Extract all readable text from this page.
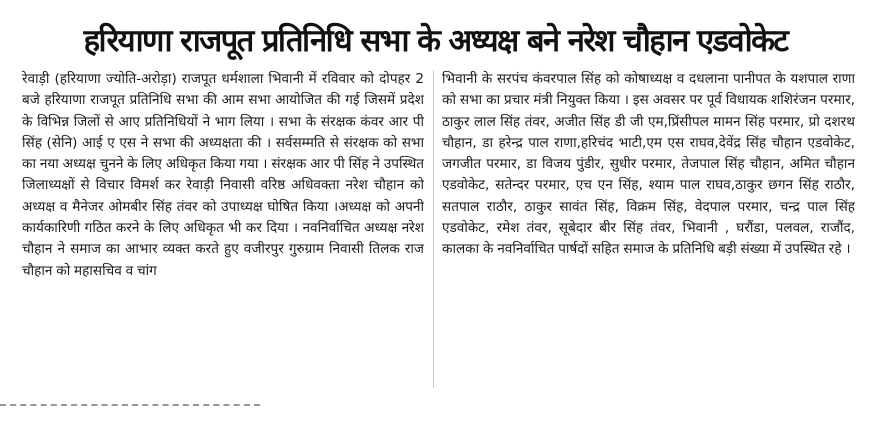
हरियाणा राजपूत प्रतिनिधि सभा के अध्यक्ष बने नरेश चौहान एडवोकेट

रेवाड़ी (हरियाणा ज्योति-अरोड़ा) राजपूत धर्मशाला भिवानी में रविवार को दोपहर 2 बजे हरियाणा राजपूत प्रतिनिधि सभा की आम सभा आयोजित की गई जिसमें प्रदेश के विभिन्न जिलों से आए प्रतिनिधियों ने भाग लिया । सभा के संरक्षक कंवर आर पी सिंह (सेनि) आई ए एस ने सभा की अध्यक्षता की । सर्वसम्मति से संरक्षक को सभा का नया अध्यक्ष चुनने के लिए अधिकृत किया गया । संरक्षक आर पी सिंह ने उपस्थित जिलाध्यक्षों से विचार विमर्श कर रेवाड़ी निवासी वरिष्ठ अधिवक्ता नरेश चौहान को अध्यक्ष व मैनेजर ओमबीर सिंह तंवर को उपाध्यक्ष घोषित किया ।अध्यक्ष को अपनी कार्यकारिणी गठित करने के लिए अधिकृत भी कर दिया । नवनिर्वाचित अध्यक्ष नरेश चौहान ने समाज का आभार व्यक्त करते हुए वजीरपुर गुरुग्राम निवासी तिलक राज चौहान को महासचिव व चांग

भिवानी के सरपंच कंवरपाल सिंह को कोषाध्यक्ष व दधलाना पानीपत के यशपाल राणा को सभा का प्रचार मंत्री नियुक्त किया । इस अवसर पर पूर्व विधायक शशिरंजन परमार, ठाकुर लाल सिंह तंवर, अजीत सिंह डी जी एम,प्रिंसीपल मामन सिंह परमार, प्रो दशरथ चौहान, डा हरेन्द्र पाल राणा,हरिचंद भाटी,एम एस राघव,देवेंद्र सिंह चौहान एडवोकेट, जगजीत परमार, डा विजय पुंडीर, सुधीर परमार, तेजपाल सिंह चौहान, अमित चौहान एडवोकेट, सतेन्दर परमार, एच एन सिंह, श्याम पाल राघव,ठाकुर छगन सिंह राठौर, सतपाल राठौर, ठाकुर सावंत सिंह, विक्रम सिंह, वेदपाल परमार, चन्द्र पाल सिंह एडवोकेट, रमेश तंवर, सूबेदार बीर सिंह तंवर, भिवानी , घरौंडा, पलवल, राजौंद, कालका के नवनिर्वाचित पार्षदों सहित समाज के प्रतिनिधि बड़ी संख्या में उपस्थित रहे ।
